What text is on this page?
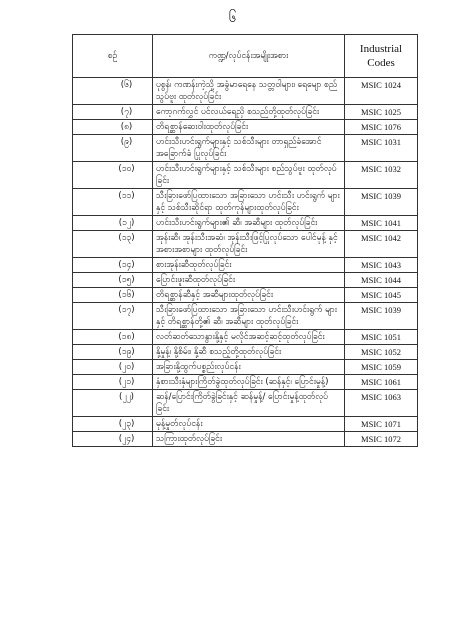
၆
စဉ်	ကဏ္ဍ/လုပ်ငန်းအမျိုးအစား	Industrial
Codes

(၆)	ပုစွန်၊ ကဏန်းကဲ့သို့ အခွံမာရေနေ သတ္တဝါများ၊ ရေမျော စည်သွပ်ဗူး ထုတ်လုပ်ခြင်း	MSIC 1024
(၇)	ကော့ဂက်လွှင် ပင်လယ်ရေညှိ စသည်တို့ထုတ်လုပ်ခြင်း	MSIC 1025
(၈)	တိရစ္ဆာန်ဆေးဝါးထုတ်လုပ်ခြင်း	MSIC 1076
(၉)	ဟင်းသီးဟင်းရွက်များနှင့် သစ်သီးများ တာရှည်ခံအောင် အခြောက်ခံ ပြုလုပ်ခြင်း	MSIC 1031
(၁၀)	ဟင်းသီးဟင်းရွက်များနှင့် သစ်သီးများ စည်သွပ်ဗူး ထုတ်လုပ်ခြင်း	MSIC 1032
(၁၁)	သီးခြားဖော်ပြထားသော အခြားသော ဟင်းသီး ဟင်းရွက် များနှင့် သစ်သီးဆိုင်ရာ ထုတ်ကုန်များထုတ်လုပ်ခြင်း	MSIC 1039
(၁၂)	ဟင်းသီးဟင်းရွက်များ၏ ဆီ၊ အဆီများ ထုတ်လုပ်ခြင်း	MSIC 1041
(၁၃)	အုန်းဆီ၊ အုန်းသီးအဆံ၊ အုန်းသီးဖြင့်ပြုလုပ်သော ပေါင်မုန့် နှင့် အစားအစာများ ထုတ်လုပ်ခြင်း	MSIC 1042
(၁၄)	စားအုန်းဆီထုတ်လုပ်ခြင်း	MSIC 1043
(၁၅)	ပြောင်းဖူးဆီထုတ်လုပ်ခြင်း	MSIC 1044
(၁၆)	တိရစ္ဆာန်ဆီနှင့် အဆီများထုတ်လုပ်ခြင်း	MSIC 1045
(၁၇)	သီးခြားဖော်ပြထားသော အခြားသော ဟင်းသီးဟင်းရွက် များနှင့် တိရစ္ဆာန်တို့၏ ဆီ၊ အဆီများ ထုတ်လုပ်ခြင်း	MSIC 1039
(၁၈)	လတ်ဆတ်သောနွားနို့နှင့် မလိုင်အဆင့်ဆင့်ထုတ်လုပ်ခြင်း	MSIC 1051
(၁၉)	နို့မှုန့်၊ နို့စိမ်း၊ နို့ဆီ စသည့်တို့ထုတ်လုပ်ခြင်း	MSIC 1052
(၂၀)	အခြားနို့ထွက်ပစ္စည်းလုပ်ငန်း	MSIC 1059
(၂၁)	နှံစားသီးနှံများကြိတ်ခွဲထုတ်လုပ်ခြင်း (ဆန်နှင့်၊ ပြောင်းမှုန့်)	MSIC 1061
(၂၂)	ဆန်/ပြောင်းကြိတ်ခွဲခြင်းနှင့် ဆန်မှုန့်/ ပြောင်းမှုန့်ထုတ်လုပ်ခြင်း	MSIC 1063
(၂၃)	မုန့်မှုတ်လုပ်ငန်း	MSIC 1071
(၂၄)	သကြားထုတ်လုပ်ခြင်း	MSIC 1072
